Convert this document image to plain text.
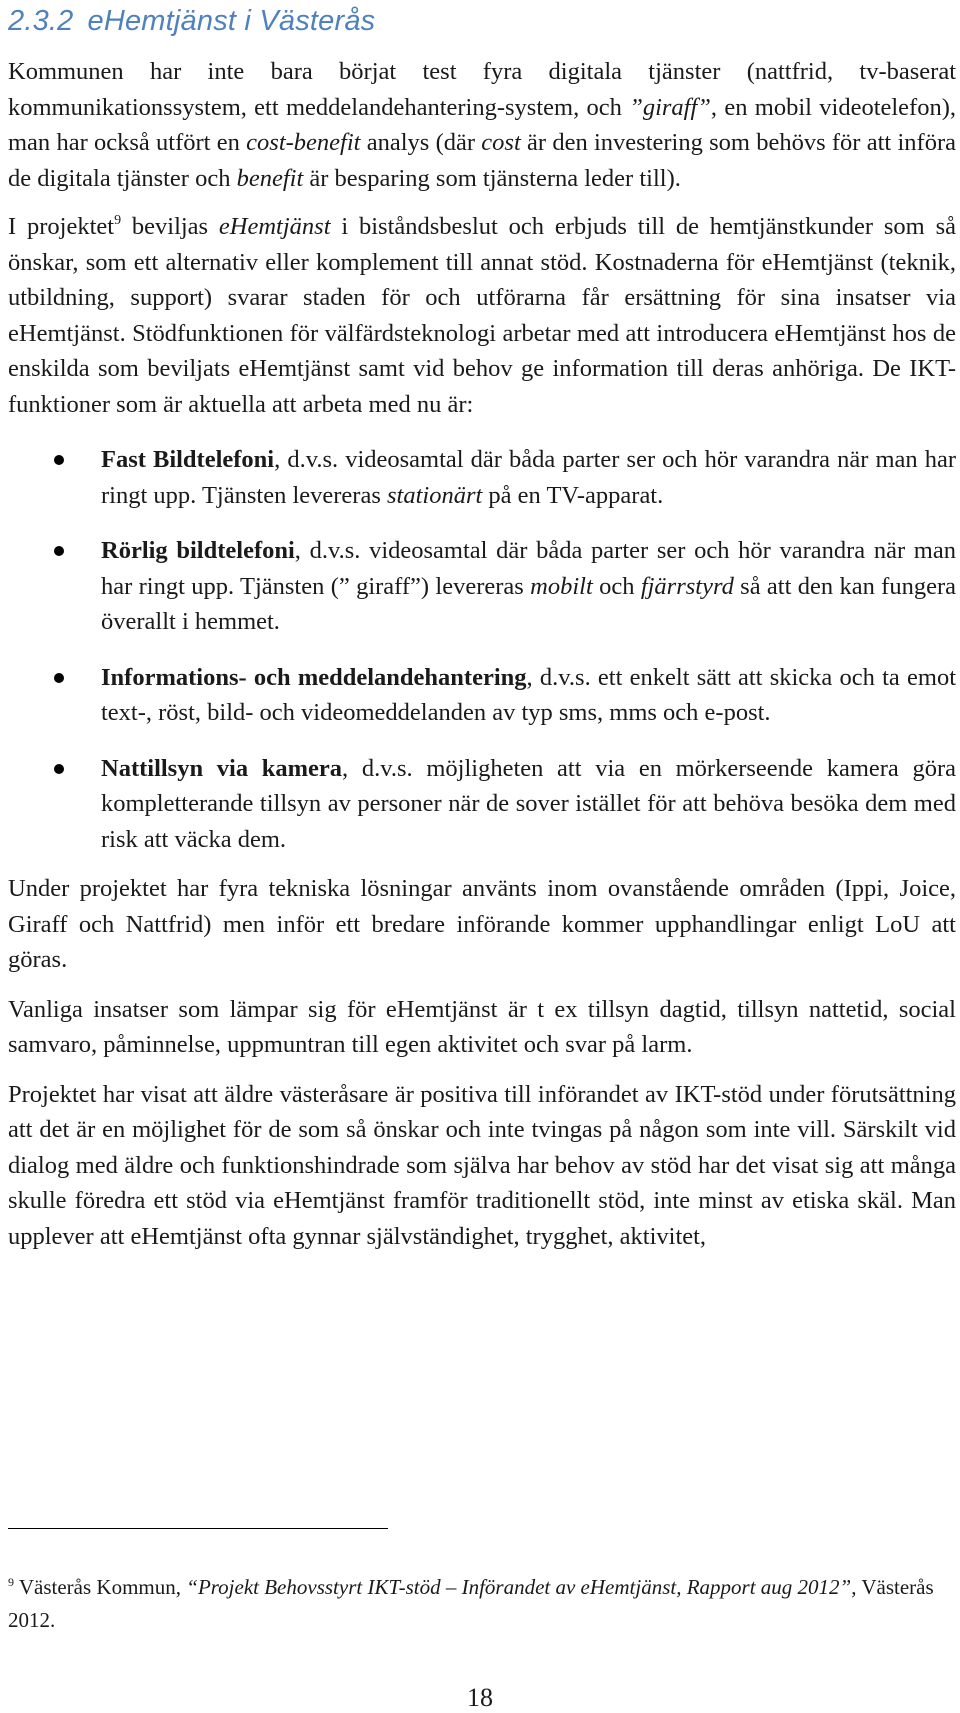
2.3.2 eHemtjänst i Västerås

Kommunen har inte bara börjat test fyra digitala tjänster (nattfrid, tv-baserat kommunikationssystem, ett meddelandehantering-system, och ”giraff”, en mobil videotelefon), man har också utfört en cost-benefit analys (där cost är den investering som behövs för att införa de digitala tjänster och benefit är besparing som tjänsterna leder till).

I projektet$^9$ beviljas eHemtjänst i biståndsbeslut och erbjuds till de hemtjänstkunder som så önskar, som ett alternativ eller komplement till annat stöd. Kostnaderna för eHemtjänst (teknik, utbildning, support) svarar staden för och utförarna får ersättning för sina insatser via eHemtjänst. Stödfunktionen för välfärdsteknologi arbetar med att introducera eHemtjänst hos de enskilda som beviljats eHemtjänst samt vid behov ge information till deras anhöriga. De IKT-funktioner som är aktuella att arbeta med nu är:

Fast Bildtelefoni, d.v.s. videosamtal där båda parter ser och hör varandra när man har ringt upp. Tjänsten levereras stationärt på en TV-apparat.
Rörlig bildtelefoni, d.v.s. videosamtal där båda parter ser och hör varandra när man har ringt upp. Tjänsten (” giraff”) levereras mobilt och fjärrstyrd så att den kan fungera överallt i hemmet.
Informations- och meddelandehantering, d.v.s. ett enkelt sätt att skicka och ta emot text-, röst, bild- och videomeddelanden av typ sms, mms och e-post.
Nattillsyn via kamera, d.v.s. möjligheten att via en mörkerseende kamera göra kompletterande tillsyn av personer när de sover istället för att behöva besöka dem med risk att väcka dem.

Under projektet har fyra tekniska lösningar använts inom ovanstående områden (Ippi, Joice, Giraff och Nattfrid) men inför ett bredare införande kommer upphandlingar enligt LoU att göras.

Vanliga insatser som lämpar sig för eHemtjänst är t ex tillsyn dagtid, tillsyn nattetid, social samvaro, påminnelse, uppmuntran till egen aktivitet och svar på larm.

Projektet har visat att äldre västeråsare är positiva till införandet av IKT-stöd under förutsättning att det är en möjlighet för de som så önskar och inte tvingas på någon som inte vill. Särskilt vid dialog med äldre och funktionshindrade som själva har behov av stöd har det visat sig att många skulle föredra ett stöd via eHemtjänst framför traditionellt stöd, inte minst av etiska skäl. Man upplever att eHemtjänst ofta gynnar självständighet, trygghet, aktivitet,

$^9$ Västerås Kommun, “Projekt Behovsstyrt IKT-stöd – Införandet av eHemtjänst, Rapport aug 2012”, Västerås 2012.
18
